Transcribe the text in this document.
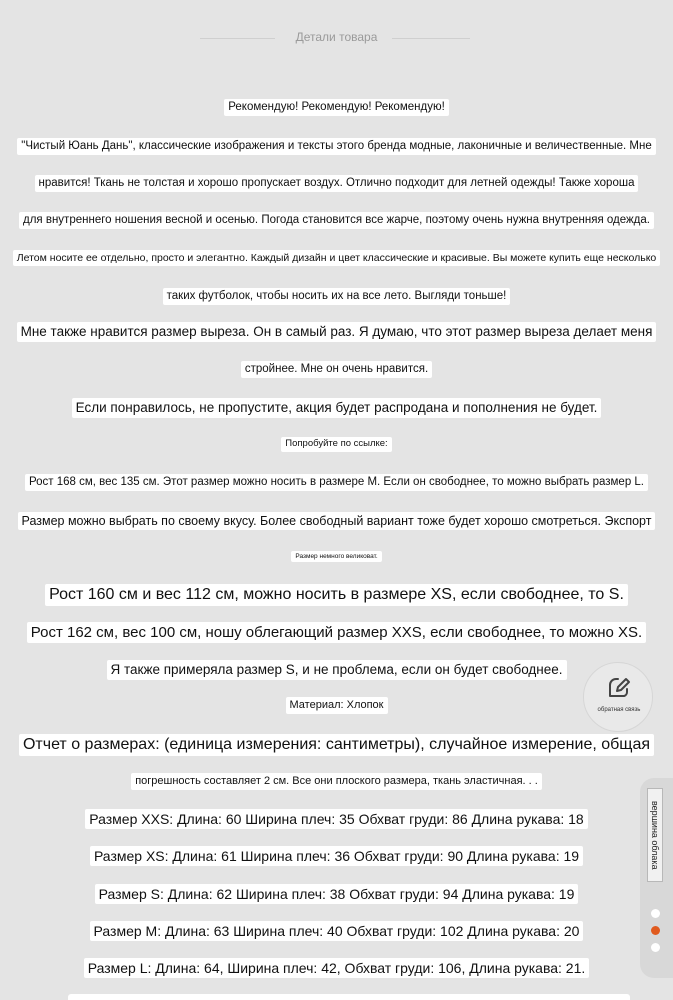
Детали товара
Рекомендую! Рекомендую! Рекомендую!
"Чистый Юань Дань", классические изображения и тексты этого бренда модные, лаконичные и величественные. Мне
нравится! Ткань не толстая и хорошо пропускает воздух. Отлично подходит для летней одежды! Также хороша
для внутреннего ношения весной и осенью. Погода становится все жарче, поэтому очень нужна внутренняя одежда.
Летом носите ее отдельно, просто и элегантно. Каждый дизайн и цвет классические и красивые. Вы можете купить еще несколько
таких футболок, чтобы носить их на все лето. Выгляди тоньше!
Мне также нравится размер выреза. Он в самый раз. Я думаю, что этот размер выреза делает меня
стройнее. Мне он очень нравится.
Если понравилось, не пропустите, акция будет распродана и пополнения не будет.
Попробуйте по ссылке:
Рост 168 см, вес 135 см. Этот размер можно носить в размере M. Если он свободнее, то можно выбрать размер L.
Размер можно выбрать по своему вкусу. Более свободный вариант тоже будет хорошо смотреться. Экспорт
Размер немного великоват.
Рост 160 см и вес 112 см, можно носить в размере XS, если свободнее, то S.
Рост 162 см, вес 100 см, ношу облегающий размер XXS, если свободнее, то можно XS.
Я также примеряла размер S, и не проблема, если он будет свободнее.
Материал: Хлопок
Отчет о размерах: (единица измерения: сантиметры), случайное измерение, общая
погрешность составляет 2 см. Все они плоского размера, ткань эластичная. . .
Размер XXS: Длина: 60 Ширина плеч: 35 Обхват груди: 86 Длина рукава: 18
Размер XS: Длина: 61 Ширина плеч: 36 Обхват груди: 90 Длина рукава: 19
Размер S: Длина: 62 Ширина плеч: 38 Обхват груди: 94 Длина рукава: 19
Размер M: Длина: 63 Ширина плеч: 40 Обхват груди: 102 Длина рукава: 20
Размер L: Длина: 64, Ширина плеч: 42, Обхват груди: 106, Длина рукава: 21.
обратная связь
вершина облака
